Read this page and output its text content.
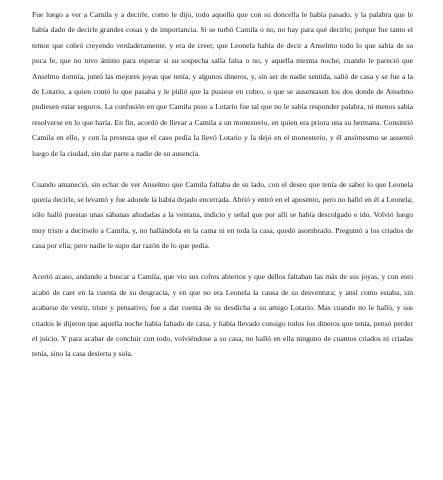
Fue luego a ver a Camila y a decirle, como le dijo, todo aquello que con su doncella le había pasado, y la palabra que le había dado de decirle grandes cosas y de importancia. Si se turbó Camila o no, no hay para qué decirlo; porque fue tanto el temor que cobró creyendo verdaderamente, y era de creer, que Leonela había de decir a Anselmo todo lo que sabía de su poca fe, que no tuvo ánimo para esperar si su sospecha salía falsa o no, y aquella mesma noche, cuando le pareció que Anselmo dormía, juntó las mejores joyas que tenía, y algunos dineros, y, sin ser de nadie sentida, salió de casa y se fue a la de Lotario, a quien contó lo que pasaba y le pidió que la pusiese en cobro, o que se ausentasen los dos donde de Anselmo pudiesen estar seguros. La confusión en que Camila puso a Lotario fue tal que no le sabía responder palabra, ni menos sabía resolverse en lo que haría. En fin, acordó de llevar a Camila a un monesterio, en quien era priora una su hermana. Consintió Camila en ello, y con la presteza que el caso pedía la llevó Lotario y la dejó en el monesterio, y él ansimesmo se ausentó luego de la ciudad, sin dar parte a nadie de su ausencia.

Cuando amaneció, sin echar de ver Anselmo que Camila faltaba de su lado, con el deseo que tenía de saber lo que Leonela quería decirle, se levantó y fue adonde la había dejado encerrada. Abrió y entró en el aposento, pero no halló en él a Leonela; sólo halló puestas unas sábanas añudadas a la ventana, indicio y señal que por allí se había descolgado e ido. Volvió luego muy triste a decírselo a Camila, y, no hallándola en la cama ni en toda la casa, quedó asombrado. Preguntó a los criados de casa por ella; pero nadie le supo dar razón de lo que pedía.

Acertó acaso, andando a buscar a Camila, que vio sus cofres abiertos y que dellos faltaban las más de sus joyas, y con esto acabó de caer en la cuenta de su desgracia, y en que no era Leonela la causa de su desventura; y ansí como estaba, sin acabarse de vestir, triste y pensativo, fue a dar cuenta de su desdicha a su amigo Lotario. Mas cuando no le halló, y sus criados le dijeron que aquella noche había faltado de casa, y había llevado consigo todos los dineros que tenía, pensó perder el juicio. Y para acabar de concluir con todo, volviéndose a su casa, no halló en ella ninguno de cuantos criados ni criadas tenía, sino la casa desierta y sola.
